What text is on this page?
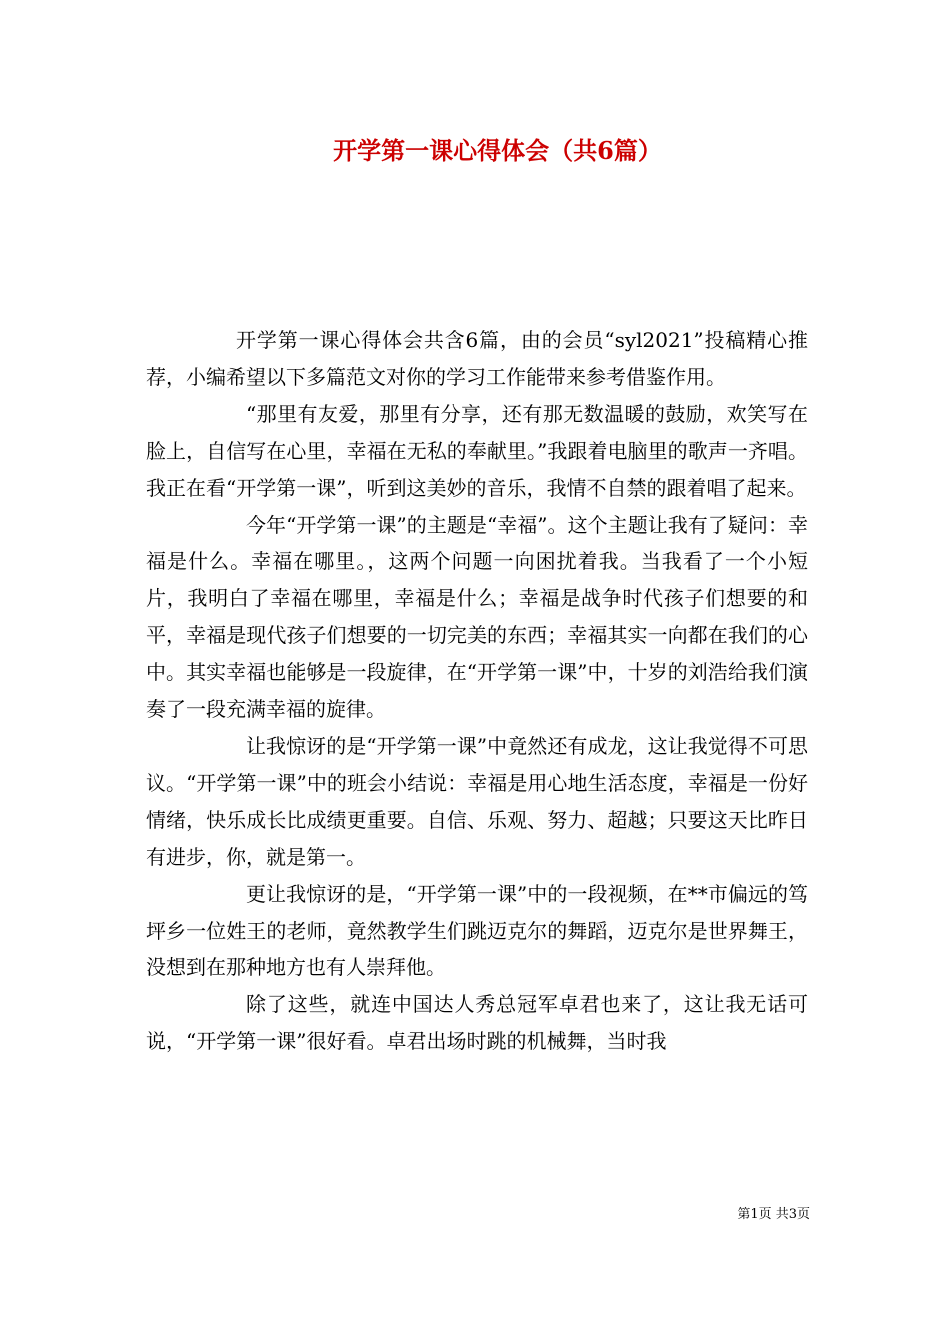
开学第一课心得体会（共6篇）

开学第一课心得体会共含6篇，由的会员“syl2021”投稿精心推荐，小编希望以下多篇范文对你的学习工作能带来参考借鉴作用。

“那里有友爱，那里有分享，还有那无数温暖的鼓励，欢笑写在脸上，自信写在心里，幸福在无私的奉献里。”我跟着电脑里的歌声一齐唱。我正在看“开学第一课”，听到这美妙的音乐，我情不自禁的跟着唱了起来。

今年“开学第一课”的主题是“幸福”。这个主题让我有了疑问：幸福是什么。幸福在哪里。，这两个问题一向困扰着我。当我看了一个小短片，我明白了幸福在哪里，幸福是什么；幸福是战争时代孩子们想要的和平，幸福是现代孩子们想要的一切完美的东西；幸福其实一向都在我们的心中。其实幸福也能够是一段旋律，在“开学第一课”中，十岁的刘浩给我们演奏了一段充满幸福的旋律。

让我惊讶的是“开学第一课”中竟然还有成龙，这让我觉得不可思议。“开学第一课”中的班会小结说：幸福是用心地生活态度，幸福是一份好情绪，快乐成长比成绩更重要。自信、乐观、努力、超越；只要这天比昨日有进步，你，就是第一。

更让我惊讶的是，“开学第一课”中的一段视频，在**市偏远的笃坪乡一位姓王的老师，竟然教学生们跳迈克尔的舞蹈，迈克尔是世界舞王，没想到在那种地方也有人崇拜他。

除了这些，就连中国达人秀总冠军卓君也来了，这让我无话可说，“开学第一课”很好看。卓君出场时跳的机械舞，当时我

第1页 共3页
